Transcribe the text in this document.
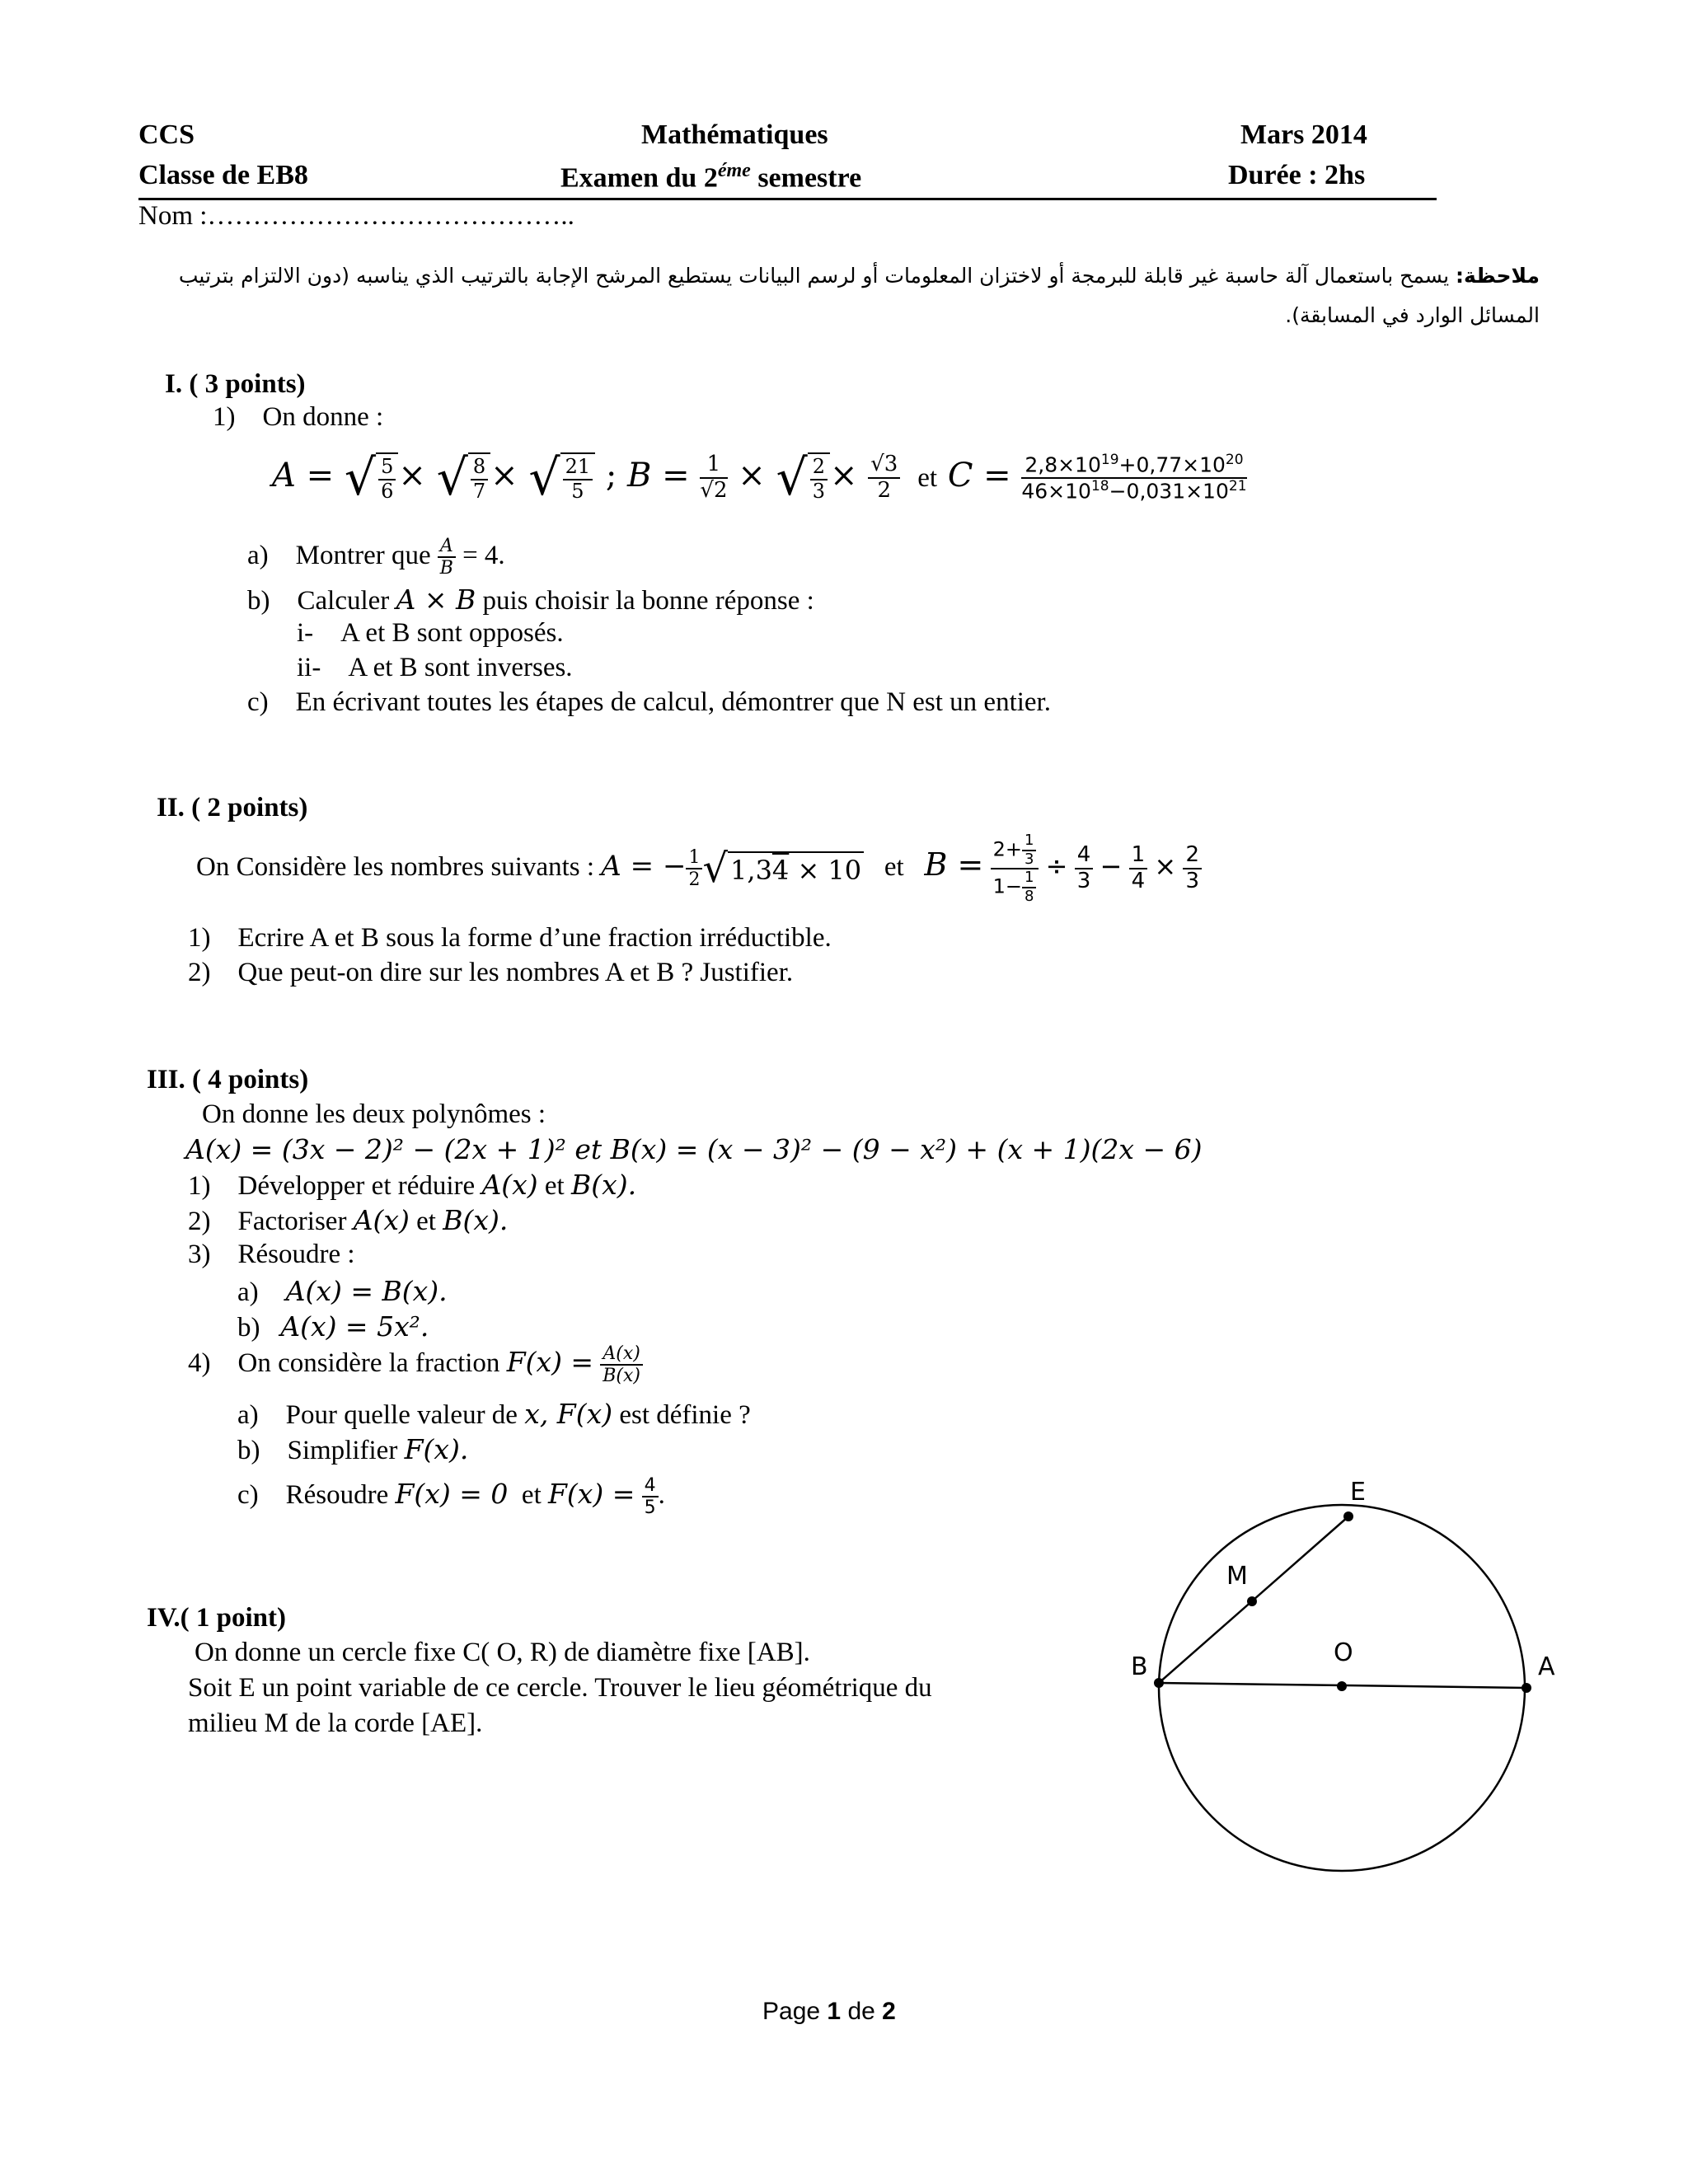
CCS
Classe de EB8
Mathématiques
Examen du $2^{éme}$ semestre
Mars 2014
Durée : 2hs
Nom :…………………………………..
ملاحظة: يسمح باستعمال آلة حاسبة غير قابلة للبرمجة أو لاختزان المعلومات أو لرسم البيانات يستطيع المرشح الإجابة بالترتيب الذي يناسبه (دون الالتزام بترتيب
المسائل الوارد في المسابقة).
I. ( 3 points)
1) On donne :
A = √ $\frac{5}{6}$ × √ $\frac{8}{7}$ × √ $\frac{21}{5}$ ; $B = \frac{1}{√2}$ × √ $\frac{2}{3} \times \frac{√3}{2}$ et $C = \frac{2,8\times 10^{19}+0,77\times 10^{20}}{46\times 10^{18}-0,031\times 10^{21}}$
a) Montrer que $\frac{A}{B} = 4$.
b) Calculer A × B puis choisir la bonne réponse :
i- A et B sont opposés.
ii- A et B sont inverses.
c) En écrivant toutes les étapes de calcul, démontrer que N est un entier.
II. ( 2 points)
On Considère les nombres suivants : A = − $\frac{1}{2} √1,34 \times 10$ et $B = \frac{2+ \frac{1}{3}}{1- \frac{1}{8}} \div \frac{4}{3} - \frac{1}{4} \times \frac{2}{3}$
1) Ecrire A et B sous la forme d’une fraction irréductible.
2) Que peut-on dire sur les nombres A et B ? Justifier.
III. ( 4 points)
On donne les deux polynômes :
A(x) = (3x − 2)² − (2x + 1)² et B(x) = (x − 3)² − (9 − x²) + (x + 1)(2x − 6)
1) Développer et réduire A(x) et B(x).
2) Factoriser A(x) et B(x).
3) Résoudre :
a) A(x) = B(x).
b) A(x) = 5x².
4) On considère la fraction $F(x) = \frac{A(x)}{B(x)}$
a) Pour quelle valeur de x, F(x) est définie ?
b) Simplifier F(x).
c) Résoudre F(x) = 0 et $F(x) = \frac{4}{5}$ .
IV.( 1 point)
On donne un cercle fixe C( O, R) de diamètre fixe [AB].
Soit E un point variable de ce cercle. Trouver le lieu géométrique du
milieu M de la corde [AE].
E
M
B	O	A
Page 1 de 2
